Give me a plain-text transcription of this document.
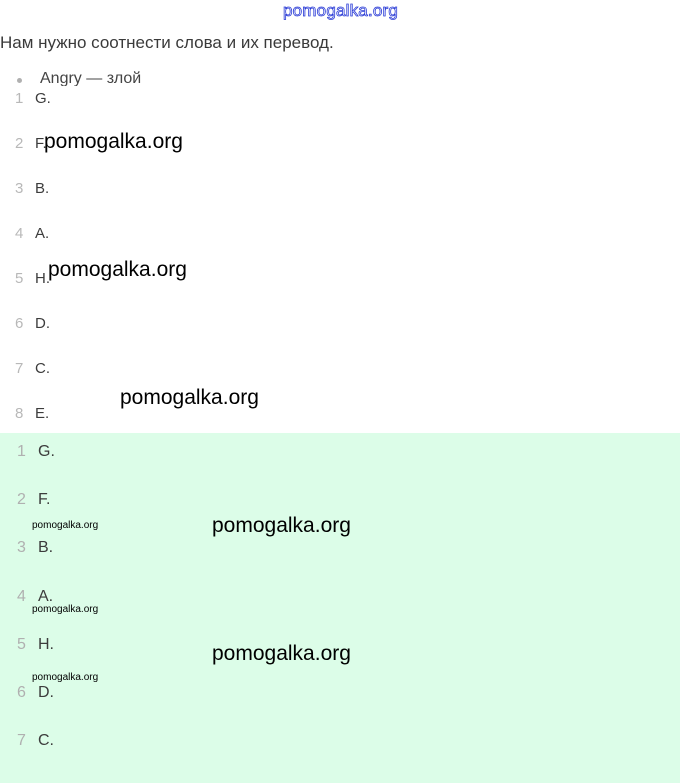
pomogalka.org
Нам нужно соотнести слова и их перевод.
Angry — злой
1 G.
2 F.
3 B.
4 A.
5 H.
6 D.
7 C.
8 E.
1 G.
2 F.
3 B.
4 A.
5 H.
6 D.
7 C.
pomogalka.org
pomogalka.org
pomogalka.org
pomogalka.org
pomogalka.org
pomogalka.org
pomogalka.org
pomogalka.org
